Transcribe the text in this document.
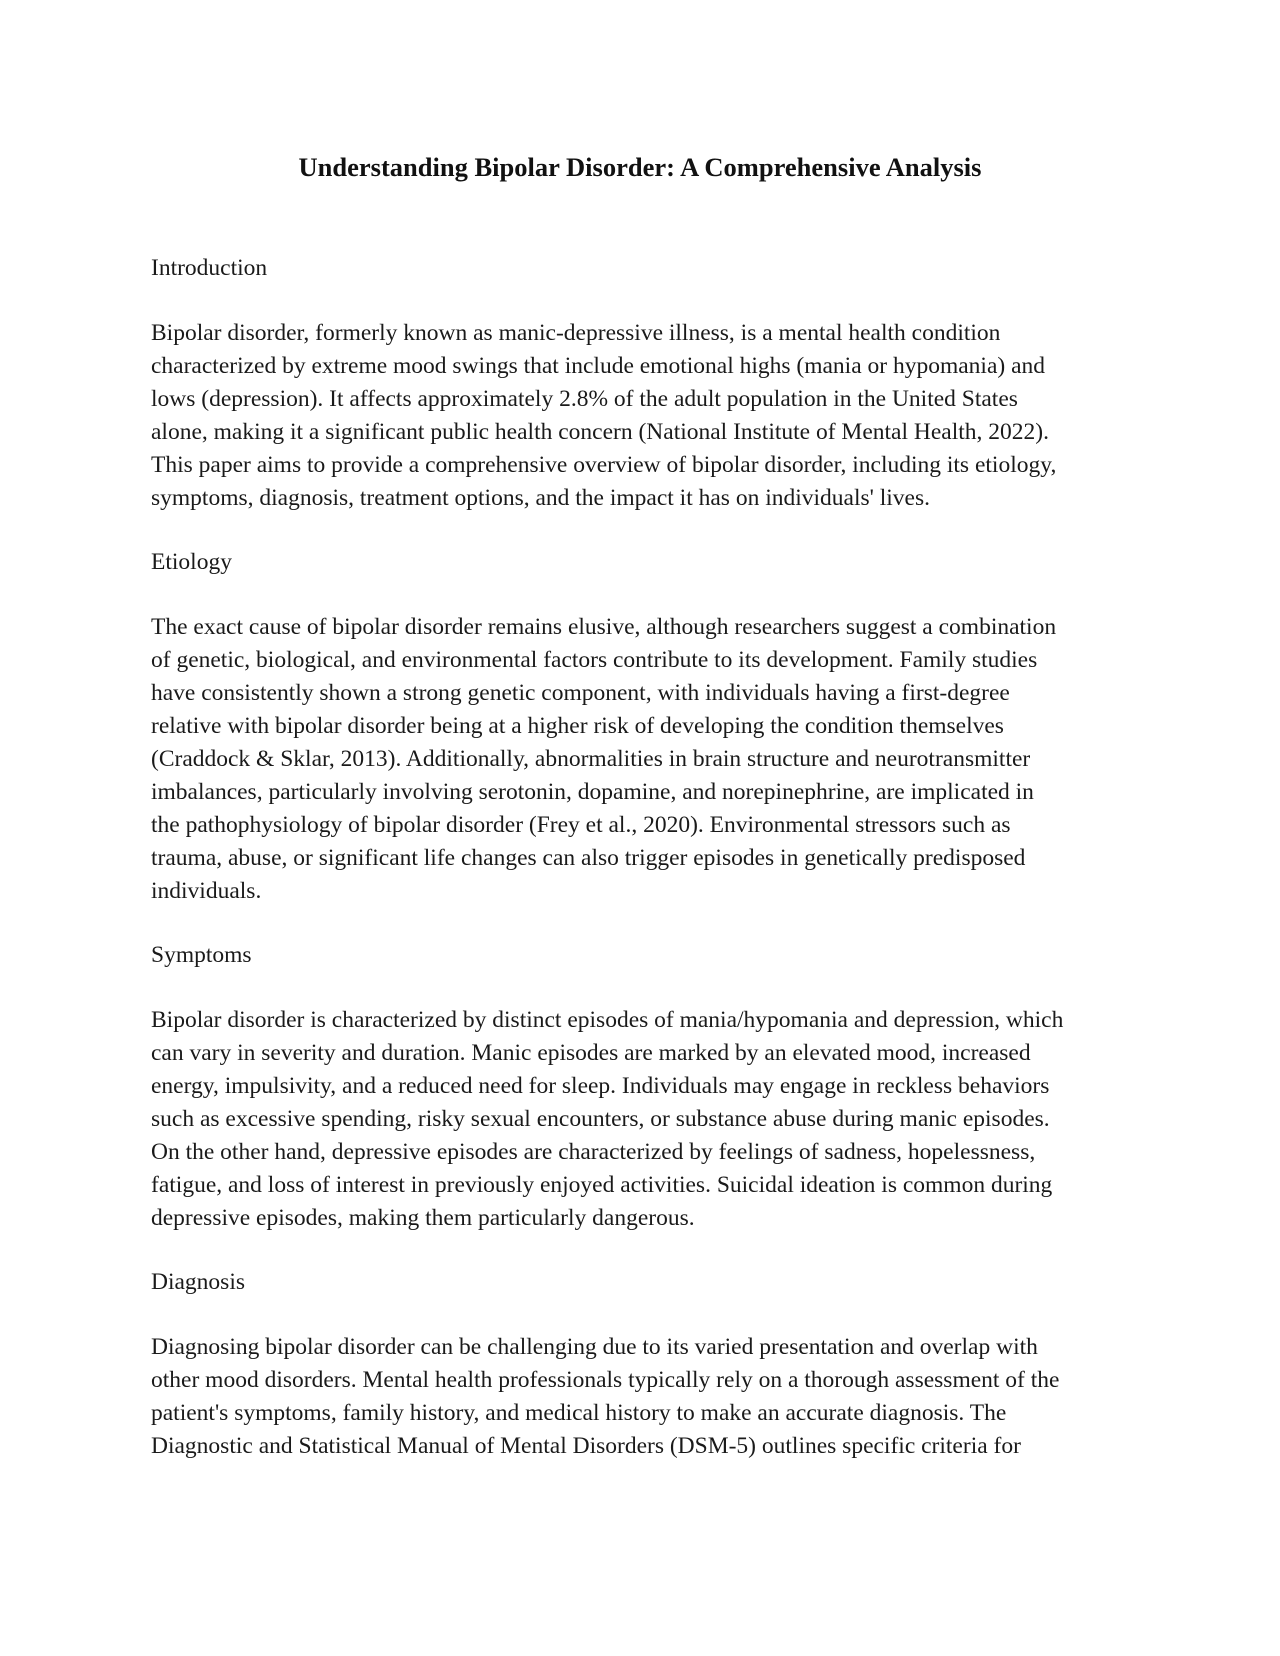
Understanding Bipolar Disorder: A Comprehensive Analysis

Introduction

Bipolar disorder, formerly known as manic-depressive illness, is a mental health condition
characterized by extreme mood swings that include emotional highs (mania or hypomania) and
lows (depression). It affects approximately 2.8% of the adult population in the United States
alone, making it a significant public health concern (National Institute of Mental Health, 2022).
This paper aims to provide a comprehensive overview of bipolar disorder, including its etiology,
symptoms, diagnosis, treatment options, and the impact it has on individuals' lives.

Etiology

The exact cause of bipolar disorder remains elusive, although researchers suggest a combination
of genetic, biological, and environmental factors contribute to its development. Family studies
have consistently shown a strong genetic component, with individuals having a first-degree
relative with bipolar disorder being at a higher risk of developing the condition themselves
(Craddock & Sklar, 2013). Additionally, abnormalities in brain structure and neurotransmitter
imbalances, particularly involving serotonin, dopamine, and norepinephrine, are implicated in
the pathophysiology of bipolar disorder (Frey et al., 2020). Environmental stressors such as
trauma, abuse, or significant life changes can also trigger episodes in genetically predisposed
individuals.

Symptoms

Bipolar disorder is characterized by distinct episodes of mania/hypomania and depression, which
can vary in severity and duration. Manic episodes are marked by an elevated mood, increased
energy, impulsivity, and a reduced need for sleep. Individuals may engage in reckless behaviors
such as excessive spending, risky sexual encounters, or substance abuse during manic episodes.
On the other hand, depressive episodes are characterized by feelings of sadness, hopelessness,
fatigue, and loss of interest in previously enjoyed activities. Suicidal ideation is common during
depressive episodes, making them particularly dangerous.

Diagnosis

Diagnosing bipolar disorder can be challenging due to its varied presentation and overlap with
other mood disorders. Mental health professionals typically rely on a thorough assessment of the
patient's symptoms, family history, and medical history to make an accurate diagnosis. The
Diagnostic and Statistical Manual of Mental Disorders (DSM-5) outlines specific criteria for
